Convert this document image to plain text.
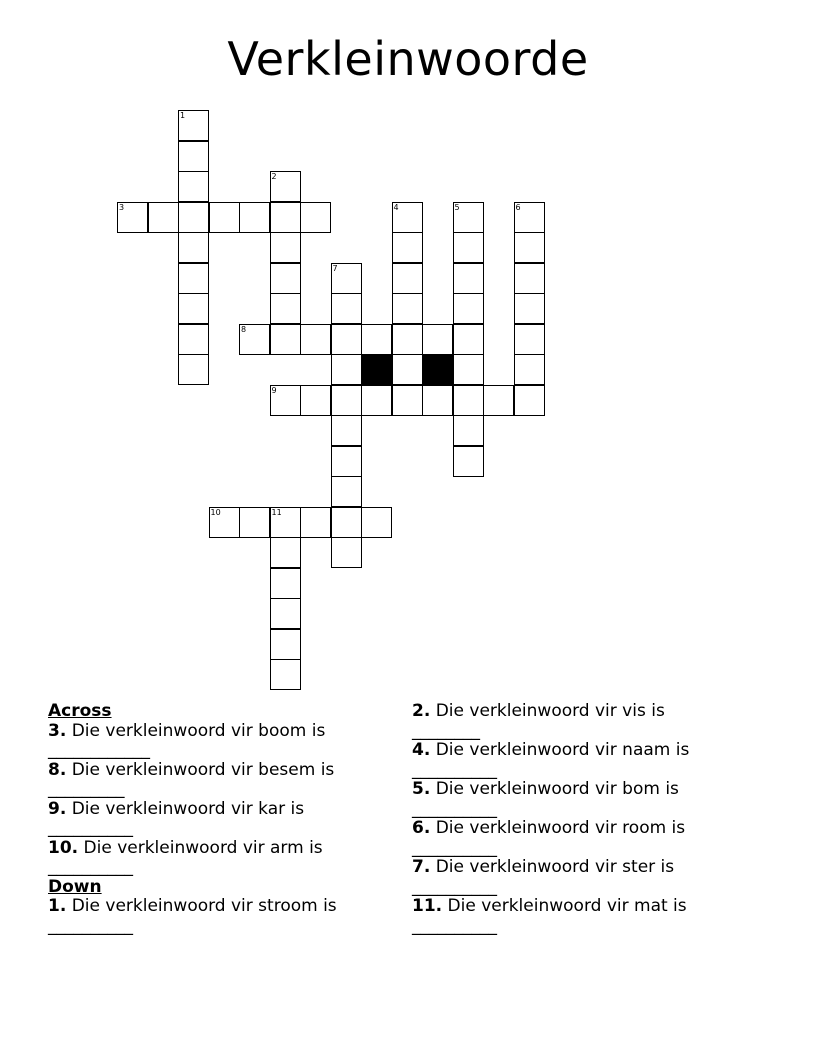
Verkleinwoorde
1
3
2
4	5	6
7
8
9
10	11
Across
3. Die verkleinwoord vir boom is
____________
8. Die verkleinwoord vir besem is
_________
9. Die verkleinwoord vir kar is
__________
10. Die verkleinwoord vir arm is
__________
Down
1. Die verkleinwoord vir stroom is
__________
2. Die verkleinwoord vir vis is
________
4. Die verkleinwoord vir naam is
__________
5. Die verkleinwoord vir bom is
__________
6. Die verkleinwoord vir room is
__________
7. Die verkleinwoord vir ster is
__________
11. Die verkleinwoord vir mat is
__________
